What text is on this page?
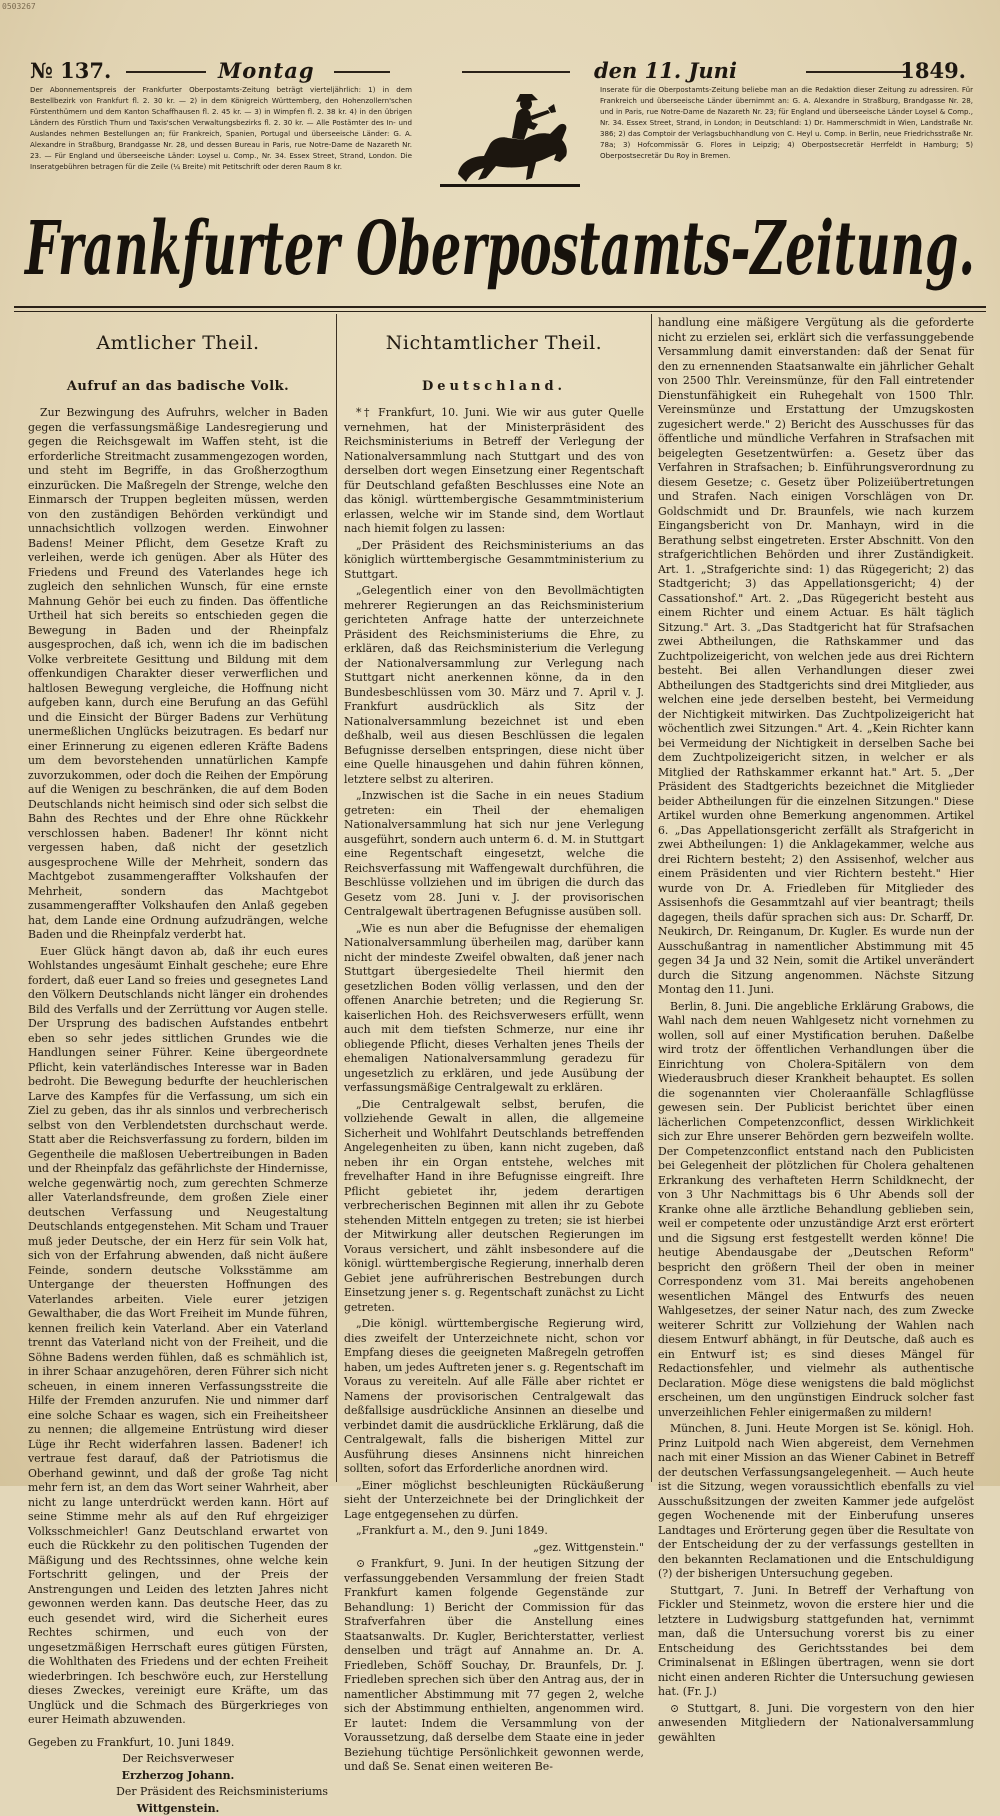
0503267
№ 137.	Montag	den 11. Juni	1849.
Der Abonnementspreis der Frankfurter Oberpostamts-Zeitung beträgt vierteljährlich: 1) in dem Bestellbezirk von Frankfurt fl. 2. 30 kr. — 2) in dem Königreich Württemberg, den Hohenzollern'schen Fürstenthümern und dem Kanton Schaffhausen fl. 2. 45 kr. — 3) in Wimpfen fl. 2. 38 kr. 4) in den übrigen Ländern des Fürstlich Thurn und Taxis'schen Verwaltungsbezirks fl. 2. 30 kr. — Alle Postämter des In- und Auslandes nehmen Bestellungen an; für Frankreich, Spanien, Portugal und überseeische Länder: G. A. Alexandre in Straßburg, Brandgasse Nr. 28, und dessen Bureau in Paris, rue Notre-Dame de Nazareth Nr. 23. — Für England und überseeische Länder: Loysel u. Comp., Nr. 34. Essex Street, Strand, London. Die Inseratgebühren betragen für die Zeile (¼ Breite) mit Petitschrift oder deren Raum 8 kr.
Inserate für die Oberpostamts-Zeitung beliebe man an die Redaktion dieser Zeitung zu adressiren. Für Frankreich und überseeische Länder übernimmt an: G. A. Alexandre in Straßburg, Brandgasse Nr. 28, und in Paris, rue Notre-Dame de Nazareth Nr. 23; für England und überseeische Länder Loysel & Comp., Nr. 34. Essex Street, Strand, in London; in Deutschland: 1) Dr. Hammerschmidt in Wien, Landstraße Nr. 386; 2) das Comptoir der Verlagsbuchhandlung von C. Heyl u. Comp. in Berlin, neue Friedrichsstraße Nr. 78a; 3) Hofcommissär G. Flores in Leipzig; 4) Oberpostsecretär Herrfeldt in Hamburg; 5) Oberpostsecretär Du Roy in Bremen.
Frankfurter Oberpostamts-Zeitung.
Amtlicher Theil.
Aufruf an das badische Volk.

Zur Bezwingung des Aufruhrs, welcher in Baden gegen die verfassungsmäßige Landesregierung und gegen die Reichsgewalt im Waffen steht, ist die erforderliche Streitmacht zusammengezogen worden, und steht im Begriffe, in das Großherzogthum einzurücken. Die Maßregeln der Strenge, welche den Einmarsch der Truppen begleiten müssen, werden von den zuständigen Behörden verkündigt und unnachsichtlich vollzogen werden. Einwohner Badens! Meiner Pflicht, dem Gesetze Kraft zu verleihen, werde ich genügen. Aber als Hüter des Friedens und Freund des Vaterlandes hege ich zugleich den sehnlichen Wunsch, für eine ernste Mahnung Gehör bei euch zu finden. Das öffentliche Urtheil hat sich bereits so entschieden gegen die Bewegung in Baden und der Rheinpfalz ausgesprochen, daß ich, wenn ich die im badischen Volke verbreitete Gesittung und Bildung mit dem offenkundigen Charakter dieser verwerflichen und haltlosen Bewegung vergleiche, die Hoffnung nicht aufgeben kann, durch eine Berufung an das Gefühl und die Einsicht der Bürger Badens zur Verhütung unermeßlichen Unglücks beizutragen. Es bedarf nur einer Erinnerung zu eigenen edleren Kräfte Badens um dem bevorstehenden unnatürlichen Kampfe zuvorzukommen, oder doch die Reihen der Empörung auf die Wenigen zu beschränken, die auf dem Boden Deutschlands nicht heimisch sind oder sich selbst die Bahn des Rechtes und der Ehre ohne Rückkehr verschlossen haben. Badener! Ihr könnt nicht vergessen haben, daß nicht der gesetzlich ausgesprochene Wille der Mehrheit, sondern das Machtgebot zusammengeraffter Volkshaufen der Mehrheit, sondern das Machtgebot zusammengeraffter Volkshaufen den Anlaß gegeben hat, dem Lande eine Ordnung aufzudrängen, welche Baden und die Rheinpfalz verderbt hat.

Euer Glück hängt davon ab, daß ihr euch eures Wohlstandes ungesäumt Einhalt geschehe; eure Ehre fordert, daß euer Land so freies und gesegnetes Land den Völkern Deutschlands nicht länger ein drohendes Bild des Verfalls und der Zerrüttung vor Augen stelle. Der Ursprung des badischen Aufstandes entbehrt eben so sehr jedes sittlichen Grundes wie die Handlungen seiner Führer. Keine übergeordnete Pflicht, kein vaterländisches Interesse war in Baden bedroht. Die Bewegung bedurfte der heuchlerischen Larve des Kampfes für die Verfassung, um sich ein Ziel zu geben, das ihr als sinnlos und verbrecherisch selbst von den Verblendetsten durchschaut werde. Statt aber die Reichsverfassung zu fordern, bilden im Gegentheile die maßlosen Uebertreibungen in Baden und der Rheinpfalz das gefährlichste der Hindernisse, welche gegenwärtig noch, zum gerechten Schmerze aller Vaterlandsfreunde, dem großen Ziele einer deutschen Verfassung und Neugestaltung Deutschlands entgegenstehen. Mit Scham und Trauer muß jeder Deutsche, der ein Herz für sein Volk hat, sich von der Erfahrung abwenden, daß nicht äußere Feinde, sondern deutsche Volksstämme am Untergange der theuersten Hoffnungen des Vaterlandes arbeiten. Viele eurer jetzigen Gewalthaber, die das Wort Freiheit im Munde führen, kennen freilich kein Vaterland. Aber ein Vaterland trennt das Vaterland nicht von der Freiheit, und die Söhne Badens werden fühlen, daß es schmählich ist, in ihrer Schaar anzugehören, deren Führer sich nicht scheuen, in einem inneren Verfassungsstreite die Hilfe der Fremden anzurufen. Nie und nimmer darf eine solche Schaar es wagen, sich ein Freiheitsheer zu nennen; die allgemeine Entrüstung wird dieser Lüge ihr Recht widerfahren lassen. Badener! ich vertraue fest darauf, daß der Patriotismus die Oberhand gewinnt, und daß der große Tag nicht mehr fern ist, an dem das Wort seiner Wahrheit, aber nicht zu lange unterdrückt werden kann. Hört auf seine Stimme mehr als auf den Ruf ehrgeiziger Volksschmeichler! Ganz Deutschland erwartet von euch die Rückkehr zu den politischen Tugenden der Mäßigung und des Rechtssinnes, ohne welche kein Fortschritt gelingen, und der Preis der Anstrengungen und Leiden des letzten Jahres nicht gewonnen werden kann. Das deutsche Heer, das zu euch gesendet wird, wird die Sicherheit eures Rechtes schirmen, und euch von der ungesetzmäßigen Herrschaft eures gütigen Fürsten, die Wohlthaten des Friedens und der echten Freiheit wiederbringen. Ich beschwöre euch, zur Herstellung dieses Zweckes, vereinigt eure Kräfte, um das Unglück und die Schmach des Bürgerkrieges von eurer Heimath abzuwenden.

Gegeben zu Frankfurt, 10. Juni 1849.

Der Reichsverweser

Erzherzog Johann.

Der Präsident des Reichsministeriums

Wittgenstein.

Nichtamtlicher Theil.
Deutschland.

*† Frankfurt, 10. Juni. Wie wir aus guter Quelle vernehmen, hat der Ministerpräsident des Reichsministeriums in Betreff der Verlegung der Nationalversammlung nach Stuttgart und des von derselben dort wegen Einsetzung einer Regentschaft für Deutschland gefaßten Beschlusses eine Note an das königl. württembergische Gesammtministerium erlassen, welche wir im Stande sind, dem Wortlaut nach hiemit folgen zu lassen:

„Der Präsident des Reichsministeriums an das königlich württembergische Gesammtministerium zu Stuttgart.

„Gelegentlich einer von den Bevollmächtigten mehrerer Regierungen an das Reichsministerium gerichteten Anfrage hatte der unterzeichnete Präsident des Reichsministeriums die Ehre, zu erklären, daß das Reichsministerium die Verlegung der Nationalversammlung zur Verlegung nach Stuttgart nicht anerkennen könne, da in den Bundesbeschlüssen vom 30. März und 7. April v. J. Frankfurt ausdrücklich als Sitz der Nationalversammlung bezeichnet ist und eben deßhalb, weil aus diesen Beschlüssen die legalen Befugnisse derselben entspringen, diese nicht über eine Quelle hinausgehen und dahin führen können, letztere selbst zu alteriren.

„Inzwischen ist die Sache in ein neues Stadium getreten: ein Theil der ehemaligen Nationalversammlung hat sich nur jene Verlegung ausgeführt, sondern auch unterm 6. d. M. in Stuttgart eine Regentschaft eingesetzt, welche die Reichsverfassung mit Waffengewalt durchführen, die Beschlüsse vollziehen und im übrigen die durch das Gesetz vom 28. Juni v. J. der provisorischen Centralgewalt übertragenen Befugnisse ausüben soll.

„Wie es nun aber die Befugnisse der ehemaligen Nationalversammlung überheilen mag, darüber kann nicht der mindeste Zweifel obwalten, daß jener nach Stuttgart übergesiedelte Theil hiermit den gesetzlichen Boden völlig verlassen, und den der offenen Anarchie betreten; und die Regierung Sr. kaiserlichen Hoh. des Reichsverwesers erfüllt, wenn auch mit dem tiefsten Schmerze, nur eine ihr obliegende Pflicht, dieses Verhalten jenes Theils der ehemaligen Nationalversammlung geradezu für ungesetzlich zu erklären, und jede Ausübung der verfassungsmäßige Centralgewalt zu erklären.

„Die Centralgewalt selbst, berufen, die vollziehende Gewalt in allen, die allgemeine Sicherheit und Wohlfahrt Deutschlands betreffenden Angelegenheiten zu üben, kann nicht zugeben, daß neben ihr ein Organ entstehe, welches mit frevelhafter Hand in ihre Befugnisse eingreift. Ihre Pflicht gebietet ihr, jedem derartigen verbrecherischen Beginnen mit allen ihr zu Gebote stehenden Mitteln entgegen zu treten; sie ist hierbei der Mitwirkung aller deutschen Regierungen im Voraus versichert, und zählt insbesondere auf die königl. württembergische Regierung, innerhalb deren Gebiet jene aufrührerischen Bestrebungen durch Einsetzung jener s. g. Regentschaft zunächst zu Licht getreten.

„Die königl. württembergische Regierung wird, dies zweifelt der Unterzeichnete nicht, schon vor Empfang dieses die geeigneten Maßregeln getroffen haben, um jedes Auftreten jener s. g. Regentschaft im Voraus zu vereiteln. Auf alle Fälle aber richtet er Namens der provisorischen Centralgewalt das deßfallsige ausdrückliche Ansinnen an dieselbe und verbindet damit die ausdrückliche Erklärung, daß die Centralgewalt, falls die bisherigen Mittel zur Ausführung dieses Ansinnens nicht hinreichen sollten, sofort das Erforderliche anordnen wird.

„Einer möglichst beschleunigten Rückäußerung sieht der Unterzeichnete bei der Dringlichkeit der Lage entgegensehen zu dürfen.

„Frankfurt a. M., den 9. Juni 1849.

„gez. Wittgenstein."

⊙ Frankfurt, 9. Juni. In der heutigen Sitzung der verfassunggebenden Versammlung der freien Stadt Frankfurt kamen folgende Gegenstände zur Behandlung: 1) Bericht der Commission für das Strafverfahren über die Anstellung eines Staatsanwalts. Dr. Kugler, Berichterstatter, verliest denselben und trägt auf Annahme an. Dr. A. Friedleben, Schöff Souchay, Dr. Braunfels, Dr. J. Friedleben sprechen sich über den Antrag aus, der in namentlicher Abstimmung mit 77 gegen 2, welche sich der Abstimmung enthielten, angenommen wird. Er lautet: Indem die Versammlung von der Voraussetzung, daß derselbe dem Staate eine in jeder Beziehung tüchtige Persönlichkeit gewonnen werde, und daß Se. Senat einen weiteren Be-

handlung eine mäßigere Vergütung als die geforderte nicht zu erzielen sei, erklärt sich die verfassunggebende Versammlung damit einverstanden: daß der Senat für den zu ernennenden Staatsanwalte ein jährlicher Gehalt von 2500 Thlr. Vereinsmünze, für den Fall eintretender Dienstunfähigkeit ein Ruhegehalt von 1500 Thlr. Vereinsmünze und Erstattung der Umzugskosten zugesichert werde." 2) Bericht des Ausschusses für das öffentliche und mündliche Verfahren in Strafsachen mit beigelegten Gesetzentwürfen: a. Gesetz über das Verfahren in Strafsachen; b. Einführungsverordnung zu diesem Gesetze; c. Gesetz über Polizeiübertretungen und Strafen. Nach einigen Vorschlägen von Dr. Goldschmidt und Dr. Braunfels, wie nach kurzem Eingangsbericht von Dr. Manhayn, wird in die Berathung selbst eingetreten. Erster Abschnitt. Von den strafgerichtlichen Behörden und ihrer Zuständigkeit. Art. 1. „Strafgerichte sind: 1) das Rügegericht; 2) das Stadtgericht; 3) das Appellationsgericht; 4) der Cassationshof." Art. 2. „Das Rügegericht besteht aus einem Richter und einem Actuar. Es hält täglich Sitzung." Art. 3. „Das Stadtgericht hat für Strafsachen zwei Abtheilungen, die Rathskammer und das Zuchtpolizeigericht, von welchen jede aus drei Richtern besteht. Bei allen Verhandlungen dieser zwei Abtheilungen des Stadtgerichts sind drei Mitglieder, aus welchen eine jede derselben besteht, bei Vermeidung der Nichtigkeit mitwirken. Das Zuchtpolizeigericht hat wöchentlich zwei Sitzungen." Art. 4. „Kein Richter kann bei Vermeidung der Nichtigkeit in derselben Sache bei dem Zuchtpolizeigericht sitzen, in welcher er als Mitglied der Rathskammer erkannt hat." Art. 5. „Der Präsident des Stadtgerichts bezeichnet die Mitglieder beider Abtheilungen für die einzelnen Sitzungen." Diese Artikel wurden ohne Bemerkung angenommen. Artikel 6. „Das Appellationsgericht zerfällt als Strafgericht in zwei Abtheilungen: 1) die Anklagekammer, welche aus drei Richtern besteht; 2) den Assisenhof, welcher aus einem Präsidenten und vier Richtern besteht." Hier wurde von Dr. A. Friedleben für Mitglieder des Assisenhofs die Gesammtzahl auf vier beantragt; theils dagegen, theils dafür sprachen sich aus: Dr. Scharff, Dr. Neukirch, Dr. Reinganum, Dr. Kugler. Es wurde nun der Ausschußantrag in namentlicher Abstimmung mit 45 gegen 34 Ja und 32 Nein, somit die Artikel unverändert durch die Sitzung angenommen. Nächste Sitzung Montag den 11. Juni.

Berlin, 8. Juni. Die angebliche Erklärung Grabows, die Wahl nach dem neuen Wahlgesetz nicht vornehmen zu wollen, soll auf einer Mystification beruhen. Daßelbe wird trotz der öffentlichen Verhandlungen über die Einrichtung von Cholera-Spitälern von dem Wiederausbruch dieser Krankheit behauptet. Es sollen die sogenannten vier Choleraanfälle Schlagflüsse gewesen sein. Der Publicist berichtet über einen lächerlichen Competenzconflict, dessen Wirklichkeit sich zur Ehre unserer Behörden gern bezweifeln wollte. Der Competenzconflict entstand nach den Publicisten bei Gelegenheit der plötzlichen für Cholera gehaltenen Erkrankung des verhafteten Herrn Schildknecht, der von 3 Uhr Nachmittags bis 6 Uhr Abends soll der Kranke ohne alle ärztliche Behandlung geblieben sein, weil er competente oder unzuständige Arzt erst erörtert und die Sigsung erst festgestellt werden könne! Die heutige Abendausgabe der „Deutschen Reform" bespricht den größern Theil der oben in meiner Correspondenz vom 31. Mai bereits angehobenen wesentlichen Mängel des Entwurfs des neuen Wahlgesetzes, der seiner Natur nach, des zum Zwecke weiterer Schritt zur Vollziehung der Wahlen nach diesem Entwurf abhängt, in für Deutsche, daß auch es ein Entwurf ist; es sind dieses Mängel für Redactionsfehler, und vielmehr als authentische Declaration. Möge diese wenigstens die bald möglichst erscheinen, um den ungünstigen Eindruck solcher fast unverzeihlichen Fehler einigermaßen zu mildern!

München, 8. Juni. Heute Morgen ist Se. königl. Hoh. Prinz Luitpold nach Wien abgereist, dem Vernehmen nach mit einer Mission an das Wiener Cabinet in Betreff der deutschen Verfassungsangelegenheit. — Auch heute ist die Sitzung, wegen voraussichtlich ebenfalls zu viel Ausschußsitzungen der zweiten Kammer jede aufgelöst gegen Wochenende mit der Einberufung unseres Landtages und Erörterung gegen über die Resultate von der Entscheidung der zu der verfassungs gestellten in den bekannten Reclamationen und die Entschuldigung (?) der bisherigen Untersuchung gegeben.

Stuttgart, 7. Juni. In Betreff der Verhaftung von Fickler und Steinmetz, wovon die erstere hier und die letztere in Ludwigsburg stattgefunden hat, vernimmt man, daß die Untersuchung vorerst bis zu einer Entscheidung des Gerichtsstandes bei dem Criminalsenat in Eßlingen übertragen, wenn sie dort nicht einen anderen Richter die Untersuchung gewiesen hat. (Fr. J.)

⊙ Stuttgart, 8. Juni. Die vorgestern von den hier anwesenden Mitgliedern der Nationalversammlung gewählten
